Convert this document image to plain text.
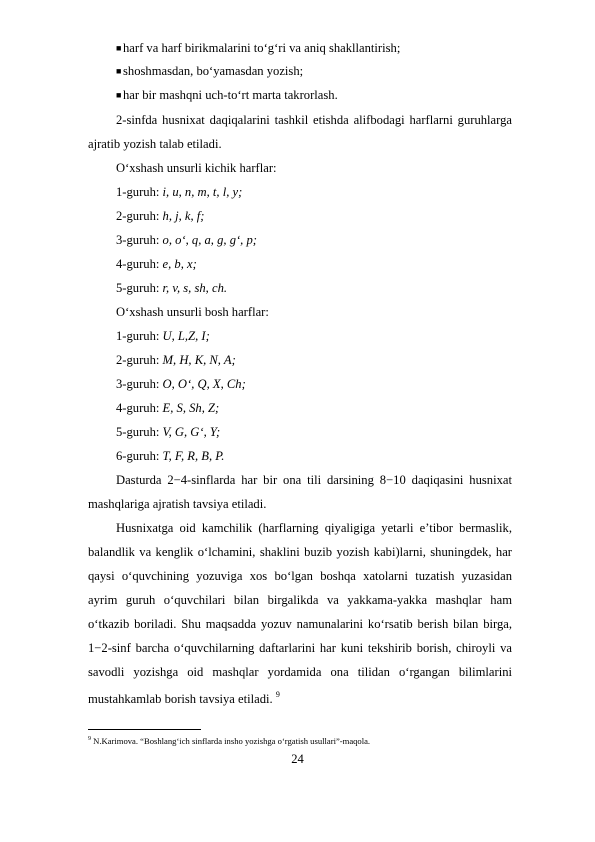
■ harf va harf birikmalarini to‘g‘ri va aniq shakllantirish;
■ shoshmasdan, bo‘yamasdan yozish;
■ har bir mashqni uch-to‘rt marta takrorlash.
2-sinfda husnixat daqiqalarini tashkil etishda alifbodagi harflarni guruhlarga
ajratib yozish talab etiladi.
O‘xshash unsurli kichik harflar:
1-guruh: i, u, n, m, t, l, y;
2-guruh: h, j, k, f;
3-guruh: o, o‘, q, a, g, g‘, p;
4-guruh: e, b, x;
5-guruh: r, v, s, sh, ch.
O‘xshash unsurli bosh harflar:
1-guruh: U, L,Z, I;
2-guruh: M, H, K, N, A;
3-guruh: O, O‘, Q, X, Ch;
4-guruh: E, S, Sh, Z;
5-guruh: V, G, G‘, Y;
6-guruh: T, F, R, B, P.
Dasturda 2−4-sinflarda har bir ona tili darsining 8−10 daqiqasini husnixat
mashqlariga ajratish tavsiya etiladi.
Husnixatga oid kamchilik (harflarning qiyaligiga yetarli e’tibor bermaslik,
balandlik va kenglik o‘lchamini, shaklini buzib yozish kabi)larni, shuningdek, har
qaysi o‘quvchining yozuviga xos bo‘lgan boshqa xatolarni tuzatish yuzasidan
ayrim guruh o‘quvchilari bilan birgalikda va yakkama-yakka mashqlar ham
o‘tkazib boriladi. Shu maqsadda yozuv namunalarini ko‘rsatib berish bilan birga,
1−2-sinf barcha o‘quvchilarning daftarlarini har kuni tekshirib borish, chiroyli va
savodli yozishga oid mashqlar yordamida ona tilidan o‘rgangan bilimlarini
mustahkamlab borish tavsiya etiladi. $^9$
$^9$ N.Karimova. “Boshlang‘ich sinflarda insho yozishga o‘rgatish usullari”-maqola.
24
